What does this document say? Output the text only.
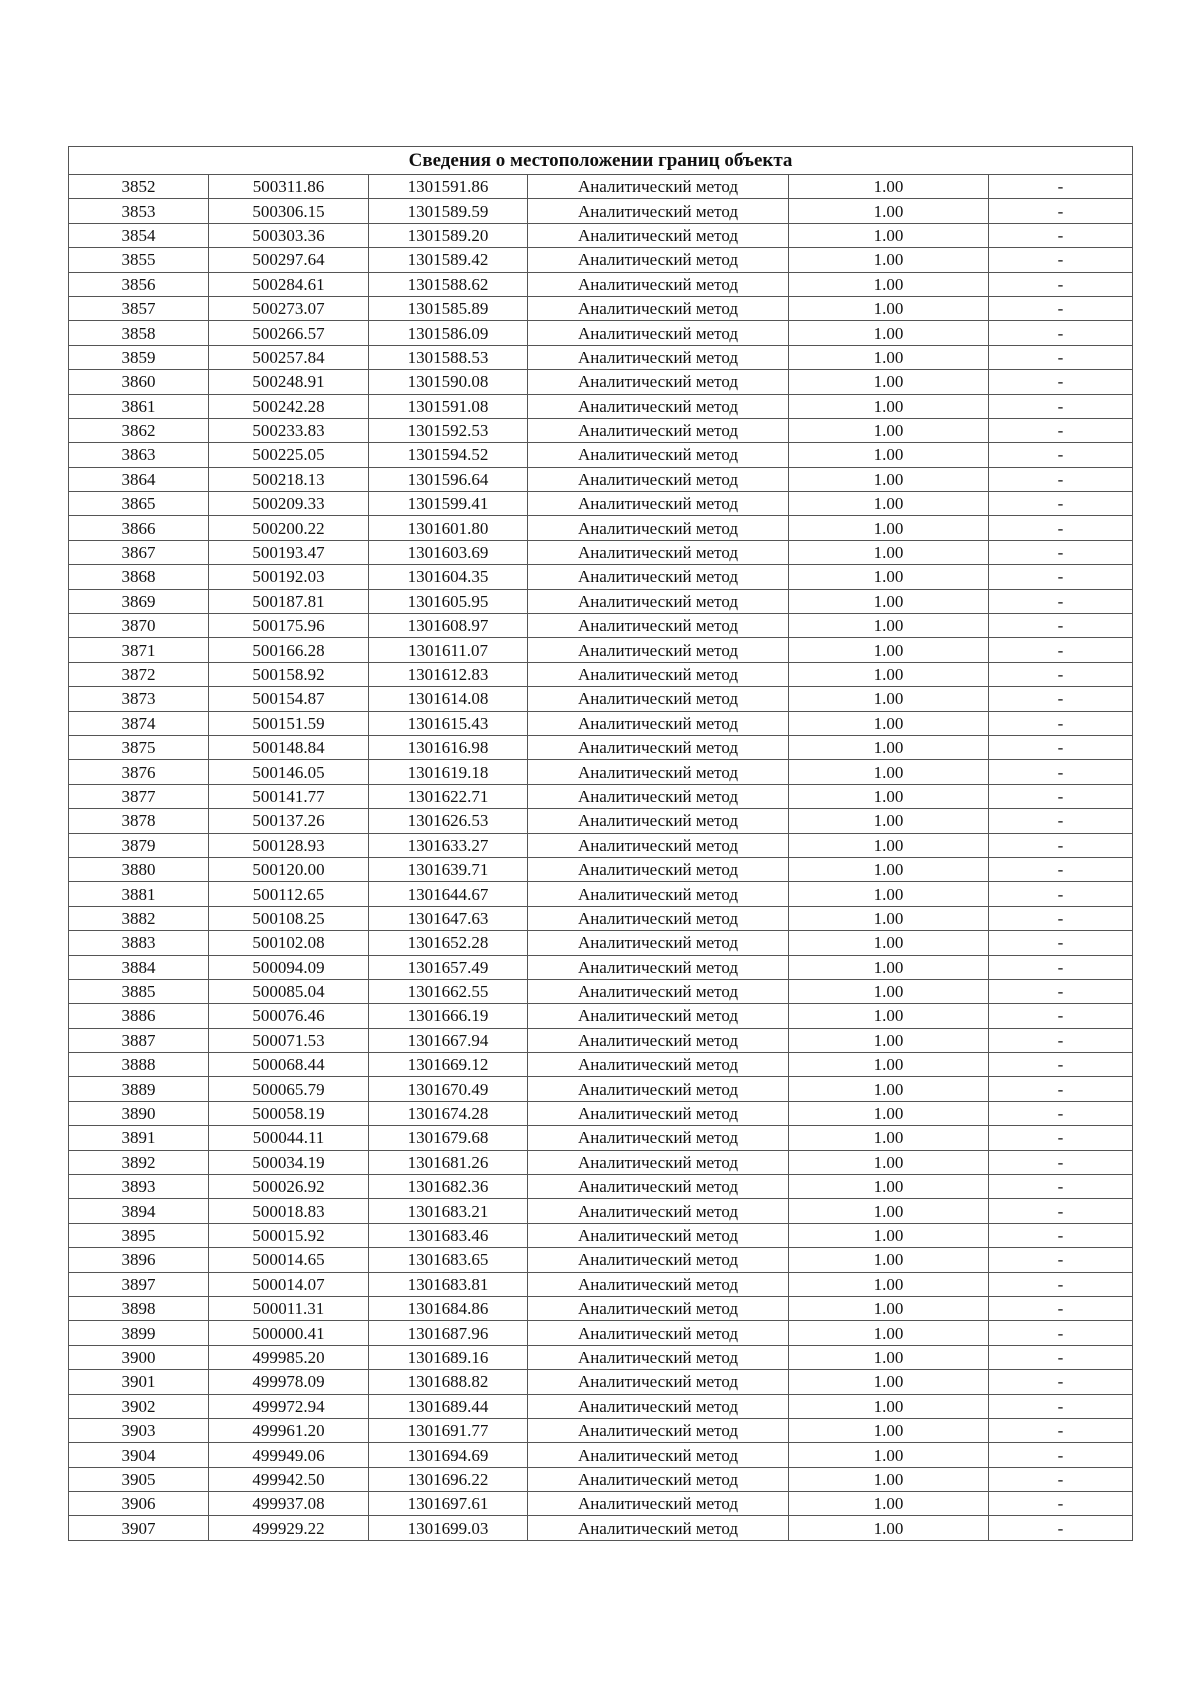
Сведения о местоположении границ объекта					
3852	500311.86	1301591.86	Аналитический метод	1.00	-
3853	500306.15	1301589.59	Аналитический метод	1.00	-
3854	500303.36	1301589.20	Аналитический метод	1.00	-
3855	500297.64	1301589.42	Аналитический метод	1.00	-
3856	500284.61	1301588.62	Аналитический метод	1.00	-
3857	500273.07	1301585.89	Аналитический метод	1.00	-
3858	500266.57	1301586.09	Аналитический метод	1.00	-
3859	500257.84	1301588.53	Аналитический метод	1.00	-
3860	500248.91	1301590.08	Аналитический метод	1.00	-
3861	500242.28	1301591.08	Аналитический метод	1.00	-
3862	500233.83	1301592.53	Аналитический метод	1.00	-
3863	500225.05	1301594.52	Аналитический метод	1.00	-
3864	500218.13	1301596.64	Аналитический метод	1.00	-
3865	500209.33	1301599.41	Аналитический метод	1.00	-
3866	500200.22	1301601.80	Аналитический метод	1.00	-
3867	500193.47	1301603.69	Аналитический метод	1.00	-
3868	500192.03	1301604.35	Аналитический метод	1.00	-
3869	500187.81	1301605.95	Аналитический метод	1.00	-
3870	500175.96	1301608.97	Аналитический метод	1.00	-
3871	500166.28	1301611.07	Аналитический метод	1.00	-
3872	500158.92	1301612.83	Аналитический метод	1.00	-
3873	500154.87	1301614.08	Аналитический метод	1.00	-
3874	500151.59	1301615.43	Аналитический метод	1.00	-
3875	500148.84	1301616.98	Аналитический метод	1.00	-
3876	500146.05	1301619.18	Аналитический метод	1.00	-
3877	500141.77	1301622.71	Аналитический метод	1.00	-
3878	500137.26	1301626.53	Аналитический метод	1.00	-
3879	500128.93	1301633.27	Аналитический метод	1.00	-
3880	500120.00	1301639.71	Аналитический метод	1.00	-
3881	500112.65	1301644.67	Аналитический метод	1.00	-
3882	500108.25	1301647.63	Аналитический метод	1.00	-
3883	500102.08	1301652.28	Аналитический метод	1.00	-
3884	500094.09	1301657.49	Аналитический метод	1.00	-
3885	500085.04	1301662.55	Аналитический метод	1.00	-
3886	500076.46	1301666.19	Аналитический метод	1.00	-
3887	500071.53	1301667.94	Аналитический метод	1.00	-
3888	500068.44	1301669.12	Аналитический метод	1.00	-
3889	500065.79	1301670.49	Аналитический метод	1.00	-
3890	500058.19	1301674.28	Аналитический метод	1.00	-
3891	500044.11	1301679.68	Аналитический метод	1.00	-
3892	500034.19	1301681.26	Аналитический метод	1.00	-
3893	500026.92	1301682.36	Аналитический метод	1.00	-
3894	500018.83	1301683.21	Аналитический метод	1.00	-
3895	500015.92	1301683.46	Аналитический метод	1.00	-
3896	500014.65	1301683.65	Аналитический метод	1.00	-
3897	500014.07	1301683.81	Аналитический метод	1.00	-
3898	500011.31	1301684.86	Аналитический метод	1.00	-
3899	500000.41	1301687.96	Аналитический метод	1.00	-
3900	499985.20	1301689.16	Аналитический метод	1.00	-
3901	499978.09	1301688.82	Аналитический метод	1.00	-
3902	499972.94	1301689.44	Аналитический метод	1.00	-
3903	499961.20	1301691.77	Аналитический метод	1.00	-
3904	499949.06	1301694.69	Аналитический метод	1.00	-
3905	499942.50	1301696.22	Аналитический метод	1.00	-
3906	499937.08	1301697.61	Аналитический метод	1.00	-
3907	499929.22	1301699.03	Аналитический метод	1.00	-
